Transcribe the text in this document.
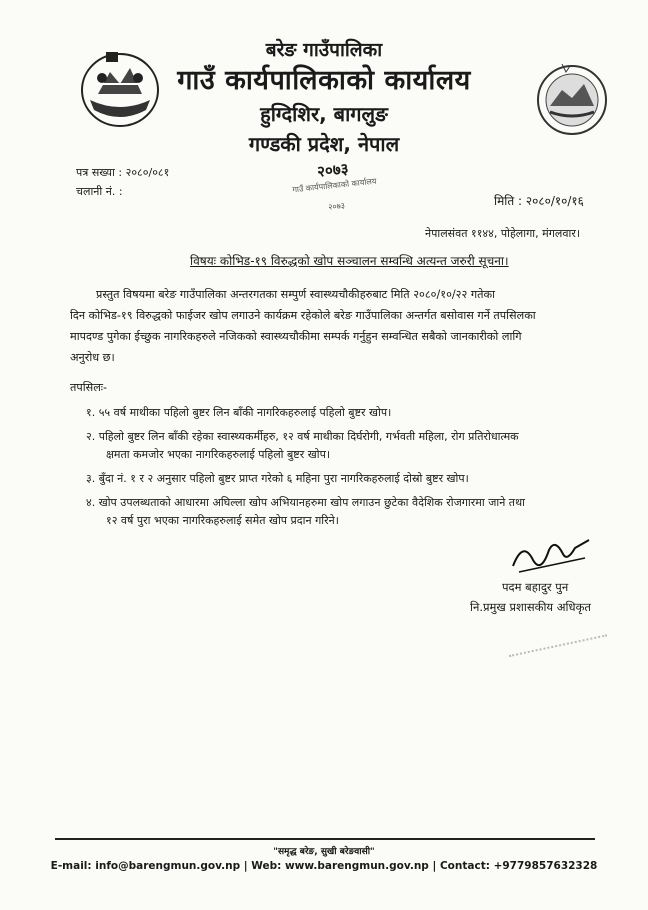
बरेङ गाउँपालिका
गाउँ कार्यपालिकाको कार्यालय
हुग्दिशिर, बागलुङ
गण्डकी प्रदेश, नेपाल
पत्र सख्या : २०८०/०८१
चलानी नं. :
मिति : २०८०/१०/१६
नेपालसंवत ११४४, पोहेलागा, मंगलवार।
२०७३
गाउँ कार्यपालिकाको कार्यालय
२०७३
विषयः कोभिड-१९ विरुद्धको खोप सञ्चालन सम्वन्धि अत्यन्त जरुरी सूचना।
प्रस्तुत विषयमा बरेङ गाउँपालिका अन्तरगतका सम्पुर्ण स्वास्थ्यचौकीहरुबाट मिति २०८०/१०/२२ गतेका
दिन कोभिड-१९ विरुद्धको फाईजर खोप लगाउने कार्यक्रम रहेकोले बरेङ गाउँपालिका अन्तर्गत बसोवास गर्ने तपसिलका
मापदण्ड पुगेका ईच्छुक नागरिकहरुले नजिकको स्वास्थ्यचौकीमा सम्पर्क गर्नुहुन सम्वन्धित सबैको जानकारीको लागि
अनुरोध छ।
तपसिलः-
१. ५५ वर्ष माथीका पहिलो बुष्टर लिन बाँकी नागरिकहरुलाई पहिलो बुष्टर खोप।
२. पहिलो बुष्टर लिन बाँकी रहेका स्वास्थ्यकर्मीहरु, १२ वर्ष माथीका दिर्घरोगी, गर्भवती महिला, रोग प्रतिरोधात्मक
क्षमता कमजोर भएका नागरिकहरुलाई पहिलो बुष्टर खोप।
३. बुँदा नं. १ र २ अनुसार पहिलो बुष्टर प्राप्त गरेको ६ महिना पुरा नागरिकहरुलाई दोस्रो बुष्टर खोप।
४. खोप उपलब्धताको आधारमा अघिल्ला खोप अभियानहरुमा खोप लगाउन छुटेका वैदेशिक रोजगारमा जाने तथा
१२ वर्ष पुरा भएका नागरिकहरुलाई समेत खोप प्रदान गरिने।
पदम बहादुर पुन
नि.प्रमुख प्रशासकीय अधिकृत
"समृद्ध बरेङ, सुखी बरेङवासी"
E-mail: info@barengmun.gov.np | Web: www.barengmun.gov.np | Contact: +9779857632328
